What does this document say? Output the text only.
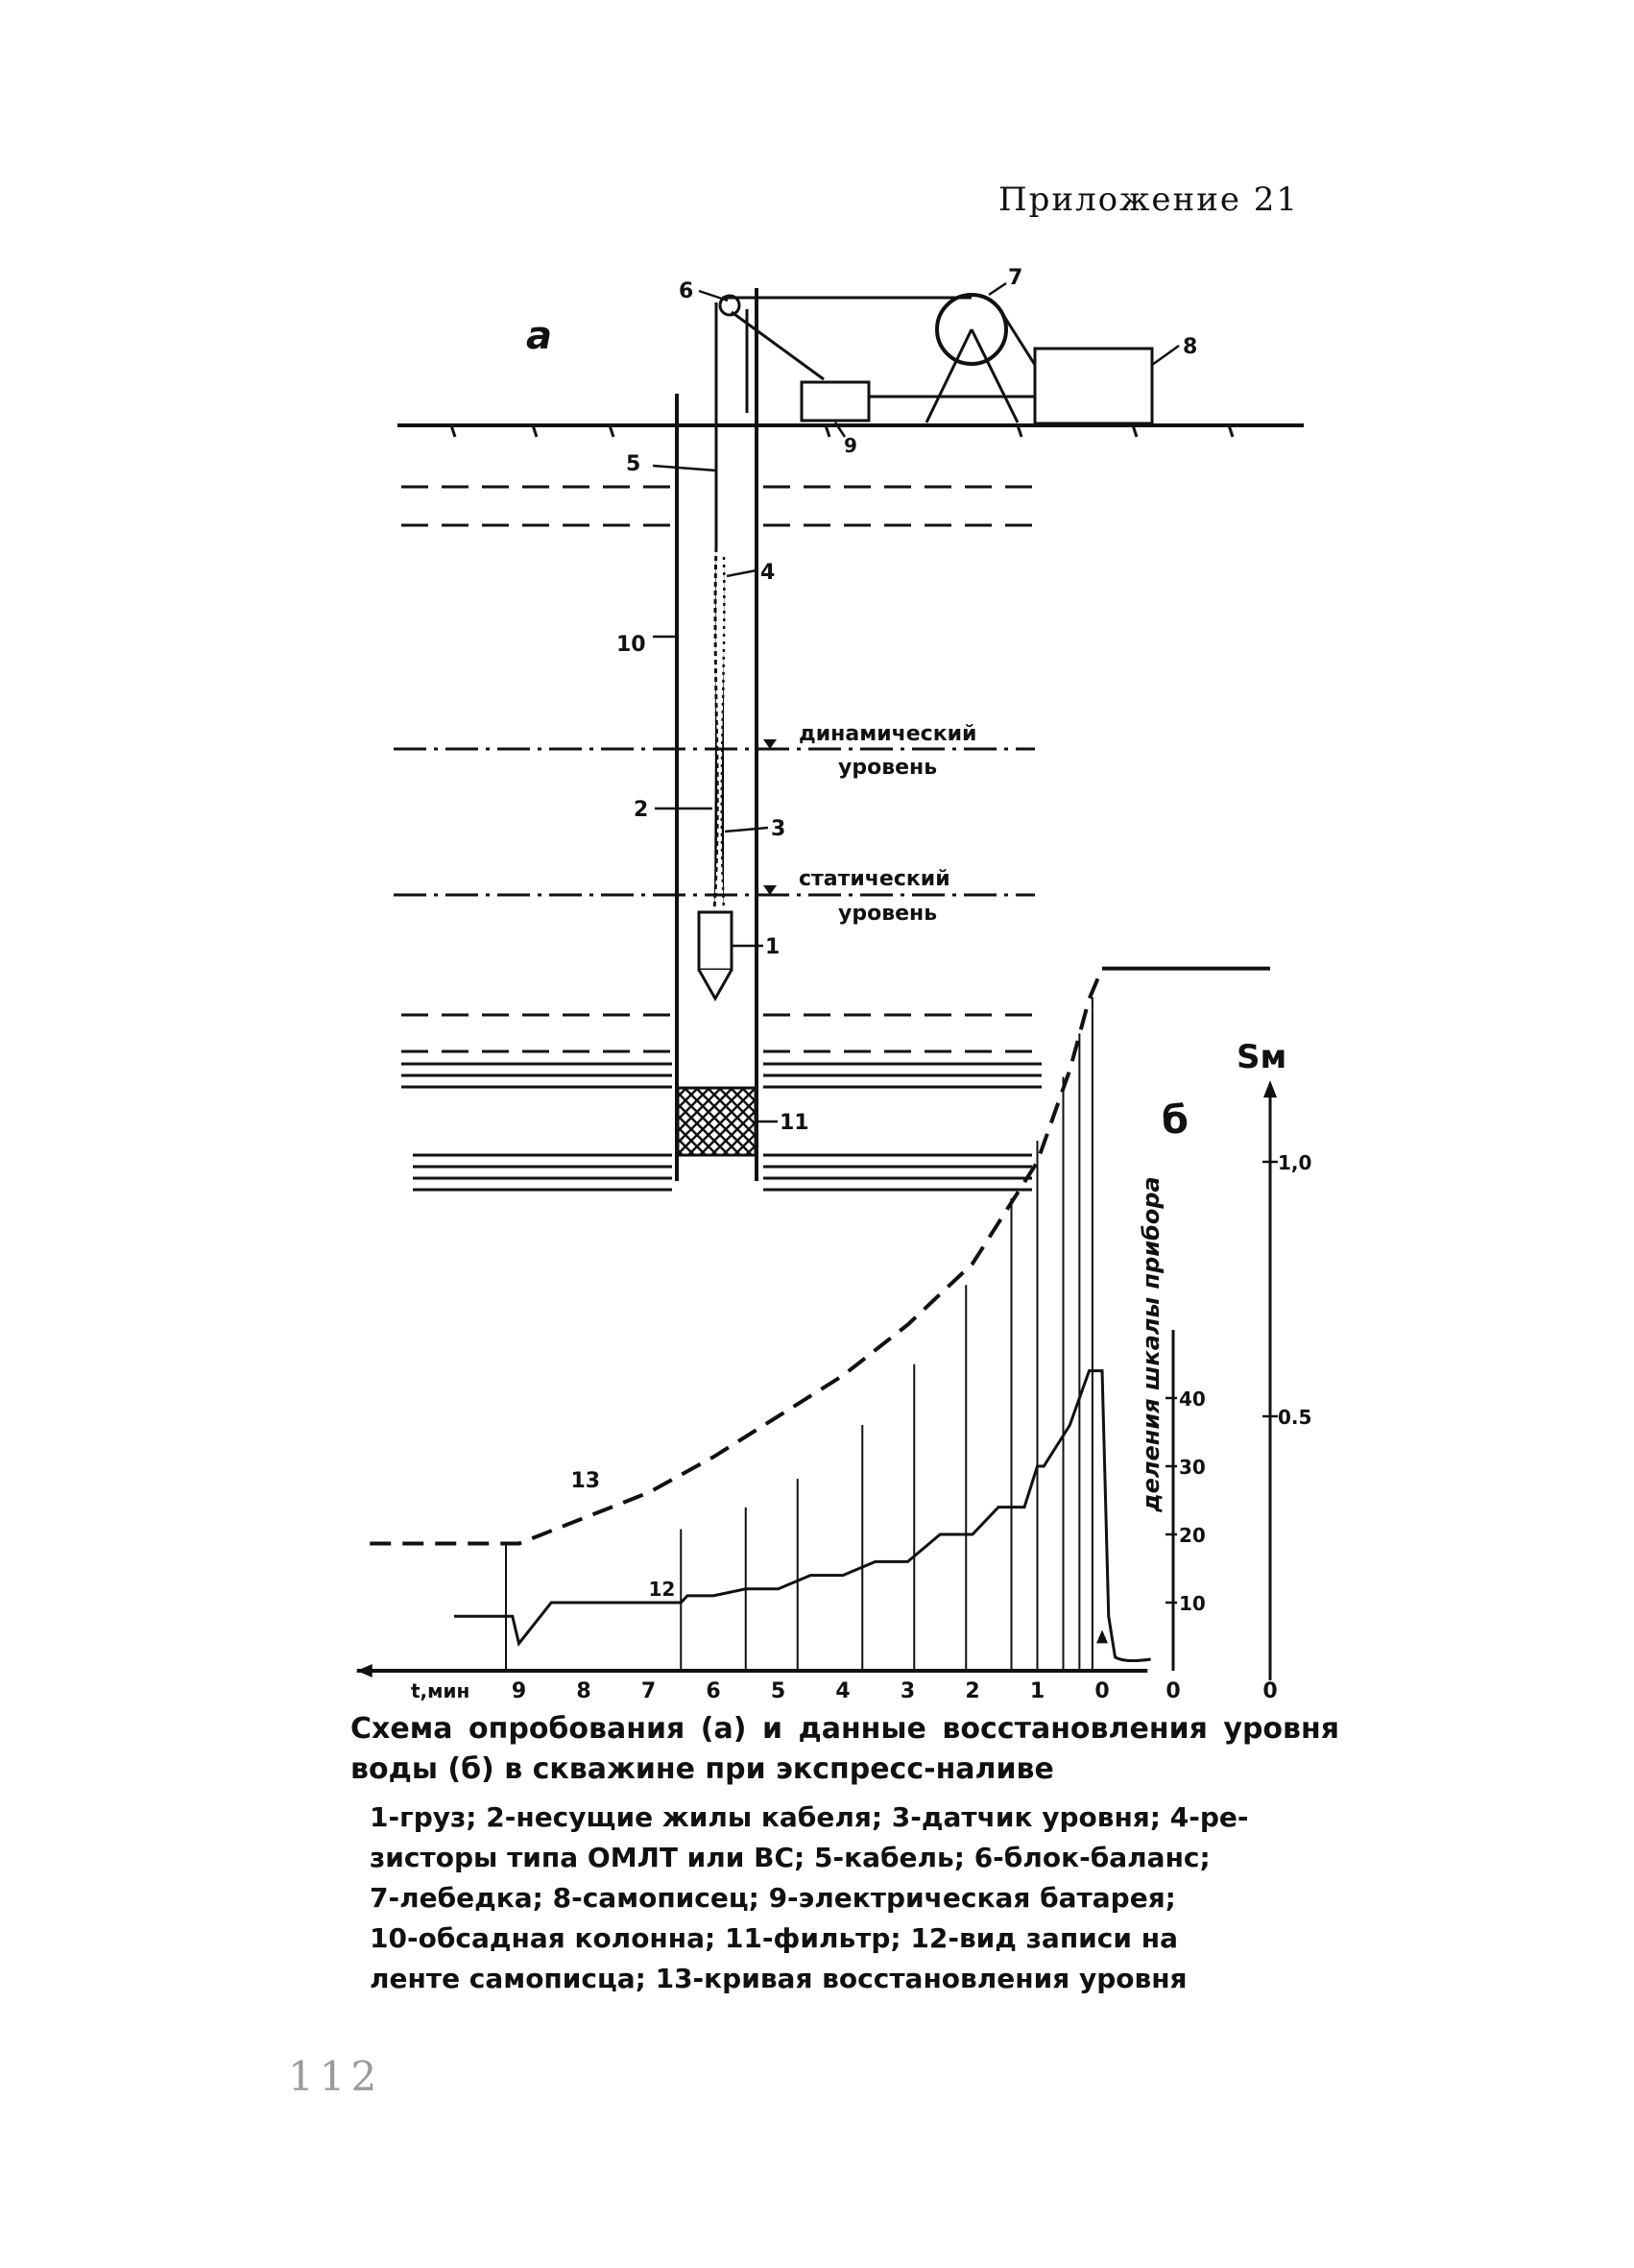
Приложение 21
a
динамический
уровень
статический
уровень
11
6
7
8
9
5
4
10
2
3
1
б
Sм
деления шкалы прибора
13
12
t,мин 9 8 7 6 5 4 3 2 1 0	0
0.5
1,0
0
10
20
30
40
Схема опробования (а) и данные восстановления уровня
воды (б) в скважине при экспресс-наливе
1-груз; 2-несущие жилы кабеля; 3-датчик уровня; 4-ре-
зисторы типа ОМЛТ или ВС; 5-кабель; 6-блок-баланс;
7-лебедка; 8-самописец; 9-электрическая батарея;
10-обсадная колонна; 11-фильтр; 12-вид записи на
ленте самописца; 13-кривая восстановления уровня
112
